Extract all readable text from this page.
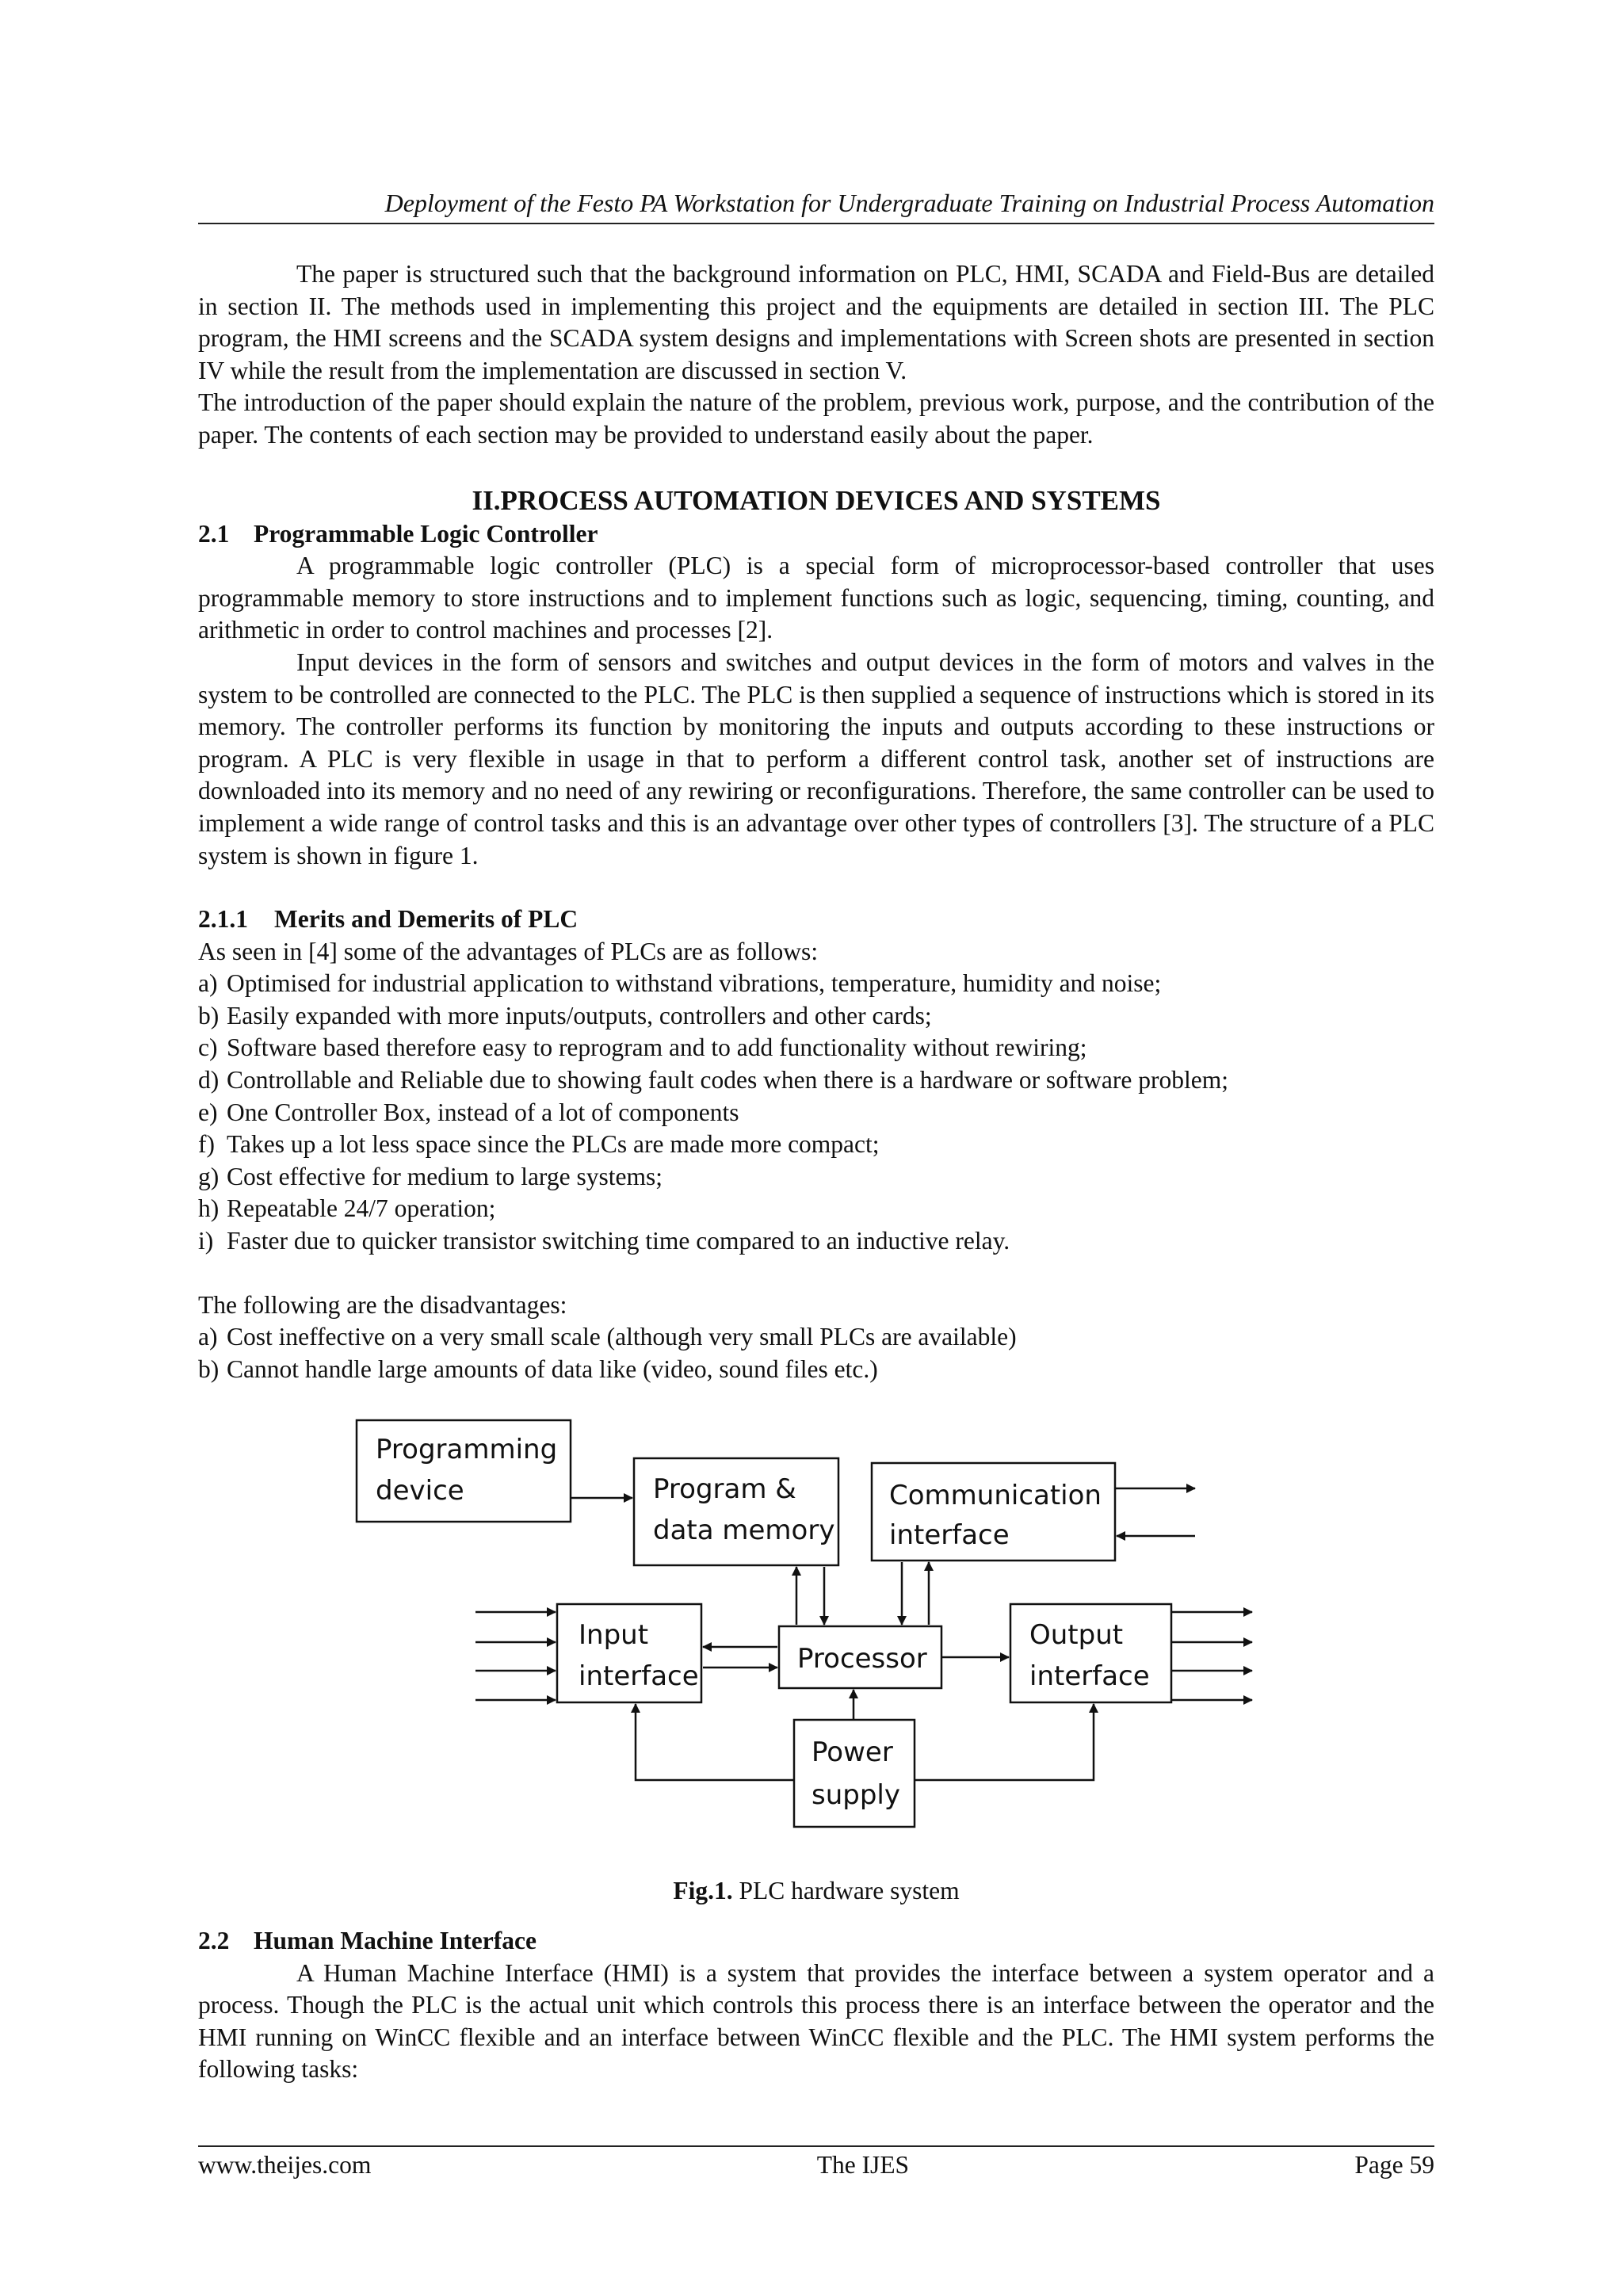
Deployment of the Festo PA Workstation for Undergraduate Training on Industrial Process Automation

The paper is structured such that the background information on PLC, HMI, SCADA and Field-Bus are detailed in section II. The methods used in implementing this project and the equipments are detailed in section III. The PLC program, the HMI screens and the SCADA system designs and implementations with Screen shots are presented in section IV while the result from the implementation are discussed in section V.

The introduction of the paper should explain the nature of the problem, previous work, purpose, and the contribution of the paper. The contents of each section may be provided to understand easily about the paper.

II.PROCESS AUTOMATION DEVICES AND SYSTEMS
2.1 Programmable Logic Controller

A programmable logic controller (PLC) is a special form of microprocessor-based controller that uses programmable memory to store instructions and to implement functions such as logic, sequencing, timing, counting, and arithmetic in order to control machines and processes [2].

Input devices in the form of sensors and switches and output devices in the form of motors and valves in the system to be controlled are connected to the PLC. The PLC is then supplied a sequence of instructions which is stored in its memory. The controller performs its function by monitoring the inputs and outputs according to these instructions or program. A PLC is very flexible in usage in that to perform a different control task, another set of instructions are downloaded into its memory and no need of any rewiring or reconfigurations. Therefore, the same controller can be used to implement a wide range of control tasks and this is an advantage over other types of controllers [3]. The structure of a PLC system is shown in figure 1.

2.1.1 Merits and Demerits of PLC

As seen in [4] some of the advantages of PLCs are as follows:

a) Optimised for industrial application to withstand vibrations, temperature, humidity and noise;
b) Easily expanded with more inputs/outputs, controllers and other cards;
c) Software based therefore easy to reprogram and to add functionality without rewiring;
d) Controllable and Reliable due to showing fault codes when there is a hardware or software problem;
e) One Controller Box, instead of a lot of components
f) Takes up a lot less space since the PLCs are made more compact;
g) Cost effective for medium to large systems;
h) Repeatable 24/7 operation;
i) Faster due to quicker transistor switching time compared to an inductive relay.

The following are the disadvantages:

a) Cost ineffective on a very small scale (although very small PLCs are available)
b) Cannot handle large amounts of data like (video, sound files etc.)
Programming
device	Program &
data memory
Communication
interface
Input
interface
Processor
Output
interface
Power
supply

Fig.1. PLC hardware system

2.2 Human Machine Interface

A Human Machine Interface (HMI) is a system that provides the interface between a system operator and a process. Though the PLC is the actual unit which controls this process there is an interface between the operator and the HMI running on WinCC flexible and an interface between WinCC flexible and the PLC. The HMI system performs the following tasks:

www.theijes.com	The IJES	Page 59
